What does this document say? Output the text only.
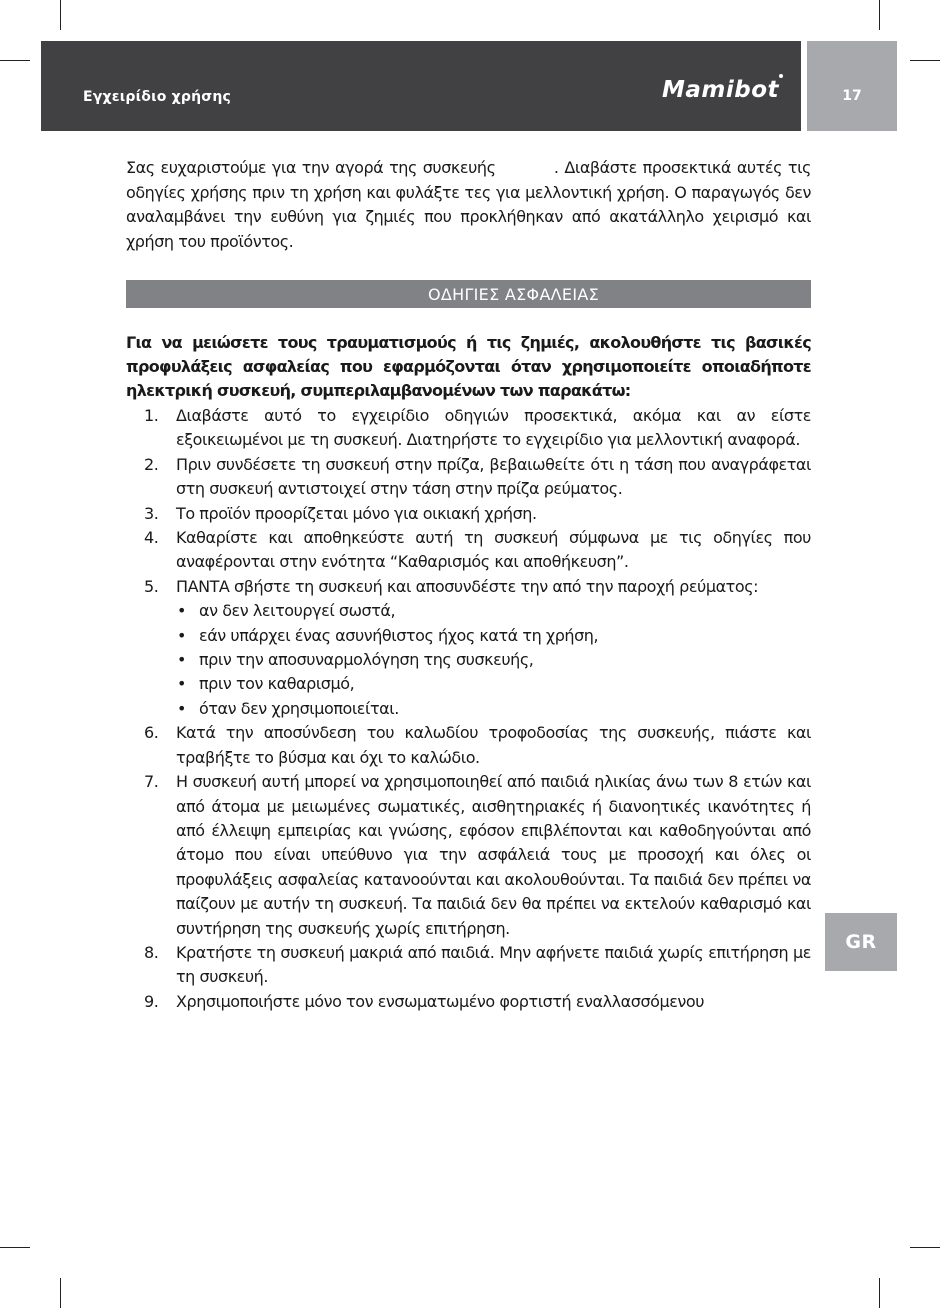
Εγχειρίδιο χρήσης	Mamibot	17
GR

Σας ευχαριστούμε για την αγορά της συσκευής          . Διαβάστε προσεκτικά αυτές τις οδηγίες χρήσης πριν τη χρήση και φυλάξτε τες για μελλοντική χρήση. Ο παραγωγός δεν αναλαμβάνει την ευθύνη για ζημιές που προκλήθηκαν από ακατάλληλο χειρισμό και χρήση του προϊόντος.

ΟΔΗΓΙΕΣ ΑΣΦΑΛΕΙΑΣ

Για να μειώσετε τους τραυματισμούς ή τις ζημιές, ακολουθήστε τις βασικές προφυλάξεις ασφαλείας που εφαρμόζονται όταν χρησιμοποιείτε οποιαδήποτε ηλεκτρική συσκευή, συμπεριλαμβανομένων των παρακάτω:

1. Διαβάστε αυτό το εγχειρίδιο οδηγιών προσεκτικά, ακόμα και αν είστε εξοικειωμένοι με τη συσκευή. Διατηρήστε το εγχειρίδιο για μελλοντική αναφορά.
2. Πριν συνδέσετε τη συσκευή στην πρίζα, βεβαιωθείτε ότι η τάση που αναγράφεται στη συσκευή αντιστοιχεί στην τάση στην πρίζα ρεύματος.
3. Το προϊόν προορίζεται μόνο για οικιακή χρήση.
4. Καθαρίστε και αποθηκεύστε αυτή τη συσκευή σύμφωνα με τις οδηγίες που αναφέρονται στην ενότητα “Καθαρισμός και αποθήκευση”.
5. ΠΑΝΤΑ σβήστε τη συσκευή και αποσυνδέστε την από την παροχή ρεύματος:
• αν δεν λειτουργεί σωστά,
• εάν υπάρχει ένας ασυνήθιστος ήχος κατά τη χρήση,
• πριν την αποσυναρμολόγηση της συσκευής,
• πριν τον καθαρισμό,
• όταν δεν χρησιμοποιείται.
6. Κατά την αποσύνδεση του καλωδίου τροφοδοσίας της συσκευής, πιάστε και τραβήξτε το βύσμα και όχι το καλώδιο.
7. Η συσκευή αυτή μπορεί να χρησιμοποιηθεί από παιδιά ηλικίας άνω των 8 ετών και από άτομα με μειωμένες σωματικές, αισθητηριακές ή διανοητικές ικανότητες ή από έλλειψη εμπειρίας και γνώσης, εφόσον επιβλέπονται και καθοδηγούνται από άτομο που είναι υπεύθυνο για την ασφάλειά τους με προσοχή και όλες οι προφυλάξεις ασφαλείας κατανοούνται και ακολουθούνται. Τα παιδιά δεν πρέπει να παίζουν με αυτήν τη συσκευή. Τα παιδιά δεν θα πρέπει να εκτελούν καθαρισμό και συντήρηση της συσκευής χωρίς επιτήρηση.
8. Κρατήστε τη συσκευή μακριά από παιδιά. Μην αφήνετε παιδιά χωρίς επιτήρηση με τη συσκευή.
9. Χρησιμοποιήστε μόνο τον ενσωματωμένο φορτιστή εναλλασσόμενου
